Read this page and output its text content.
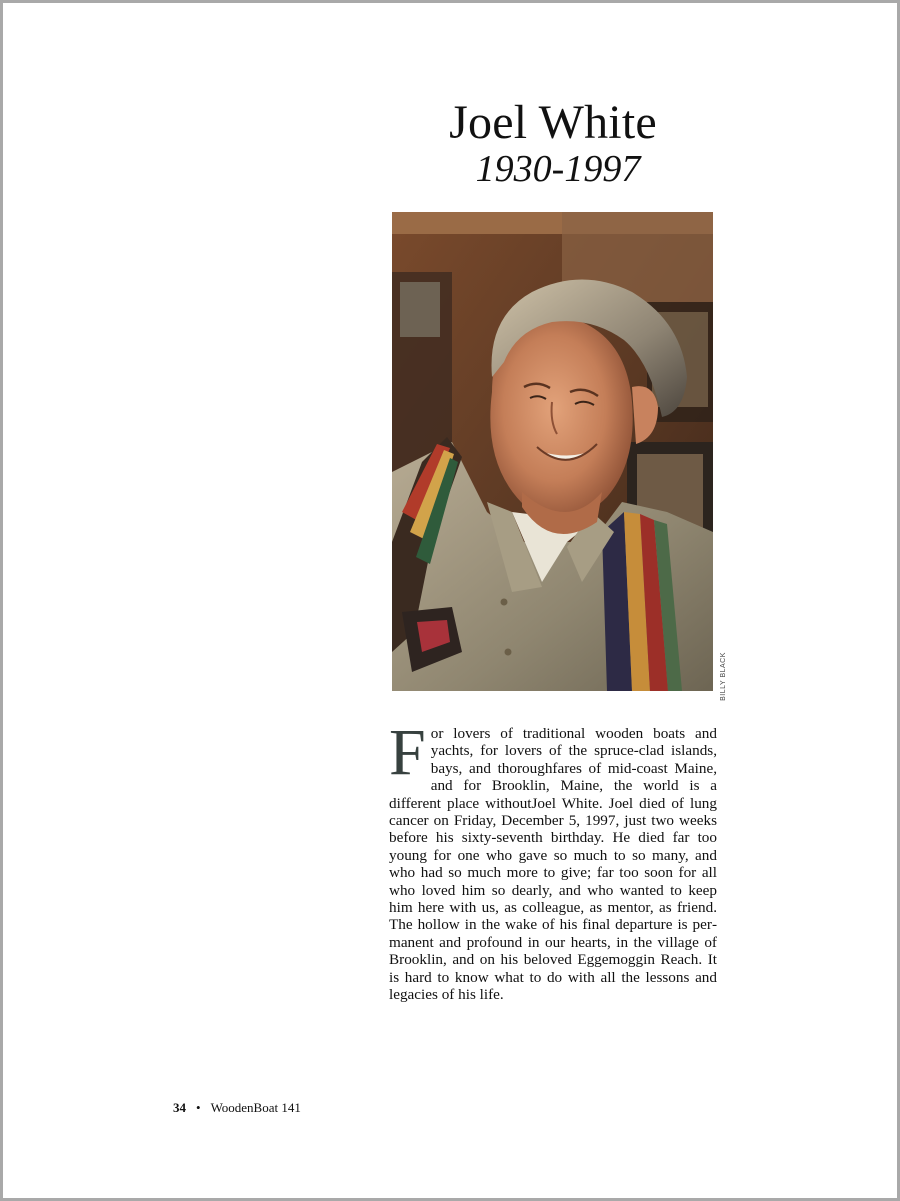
Joel White
1930-1997
BILLY BLACK

For lovers of traditional wooden boats and yachts, for lovers of the spruce-clad islands, bays, and thoroughfares of mid-coast Maine, and for Brooklin, Maine, the world is a different place withoutJoel White. Joel died of lung cancer on Friday, December 5, 1997, just two weeks before his sixty-seventh birthday. He died far too young for one who gave so much to so many, and who had so much more to give; far too soon for all who loved him so dearly, and who wanted to keep him here with us, as colleague, as mentor, as friend. The hollow in the wake of his final departure is permanent and profound in our hearts, in the village of Brooklin, and on his beloved Eggemoggin Reach. It is hard to know what to do with all the lessons and legacies of his life.

34 • WoodenBoat 141
